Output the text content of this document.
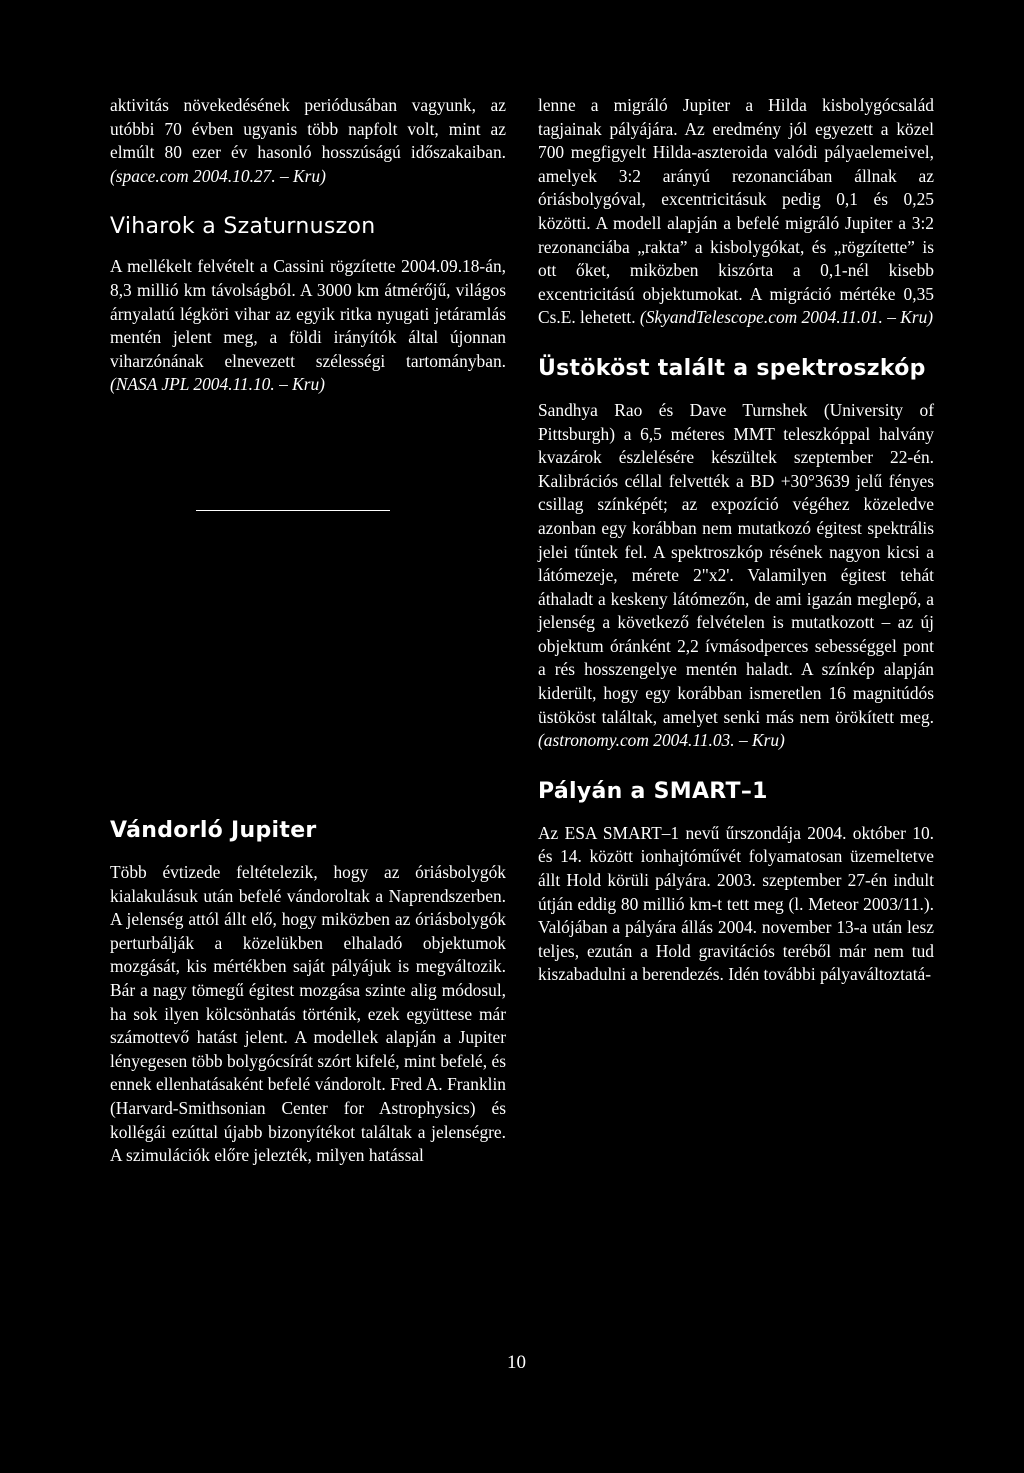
aktivitás növekedésének periódusában vagyunk, az utóbbi 70 évben ugyanis több napfolt volt, mint az elmúlt 80 ezer év hasonló hosszúságú időszakaiban. (space.com 2004.10.27. – Kru)

Viharok a Szaturnuszon

A mellékelt felvételt a Cassini rögzítette 2004.09.18-án, 8,3 millió km távolságból. A 3000 km átmérőjű, világos árnyalatú légköri vihar az egyik ritka nyugati jetáramlás mentén jelent meg, a földi irányítók által újonnan viharzónának elnevezett szélességi tartományban. (NASA JPL 2004.11.10. – Kru)

Vándorló Jupiter

Több évtizede feltételezik, hogy az óriásbolygók kialakulásuk után befelé vándoroltak a Naprendszerben. A jelenség attól állt elő, hogy miközben az óriásbolygók perturbálják a közelükben elhaladó objektumok mozgását, kis mértékben saját pályájuk is megváltozik. Bár a nagy tömegű égitest mozgása szinte alig módosul, ha sok ilyen kölcsönhatás történik, ezek együttese már számottevő hatást jelent. A modellek alapján a Jupiter lényegesen több bolygócsírát szórt kifelé, mint befelé, és ennek ellenhatásaként befelé vándorolt. Fred A. Franklin (Harvard-Smithsonian Center for Astrophysics) és kollégái ezúttal újabb bizonyítékot találtak a jelenségre. A szimulációk előre jelezték, milyen hatással

lenne a migráló Jupiter a Hilda kisbolygócsalád tagjainak pályájára. Az eredmény jól egyezett a közel 700 megfigyelt Hilda-aszteroida valódi pályaelemeivel, amelyek 3:2 arányú rezonanciában állnak az óriásbolygóval, excentricitásuk pedig 0,1 és 0,25 közötti. A modell alapján a befelé migráló Jupiter a 3:2 rezonanciába „rakta” a kisbolygókat, és „rögzítette” is ott őket, miközben kiszórta a 0,1-nél kisebb excentricitású objektumokat. A migráció mértéke 0,35 Cs.E. lehetett. (SkyandTelescope.com 2004.11.01. – Kru)

Üstököst talált a spektroszkóp

Sandhya Rao és Dave Turnshek (University of Pittsburgh) a 6,5 méteres MMT teleszkóppal halvány kvazárok észlelésére készültek szeptember 22-én. Kalibrációs céllal felvették a BD +30°3639 jelű fényes csillag színképét; az expozíció végéhez közeledve azonban egy korábban nem mutatkozó égitest spektrális jelei tűntek fel. A spektroszkóp résének nagyon kicsi a látómezeje, mérete 2"x2'. Valamilyen égitest tehát áthaladt a keskeny látómezőn, de ami igazán meglepő, a jelenség a következő felvételen is mutatkozott – az új objektum óránként 2,2 ívmásodperces sebességgel pont a rés hosszengelye mentén haladt. A színkép alapján kiderült, hogy egy korábban ismeretlen 16 magnitúdós üstököst találtak, amelyet senki más nem örökített meg. (astronomy.com 2004.11.03. – Kru)

Pályán a SMART–1

Az ESA SMART–1 nevű űrszondája 2004. október 10. és 14. között ionhajtóművét folyamatosan üzemeltetve állt Hold körüli pályára. 2003. szeptember 27-én indult útján eddig 80 millió km-t tett meg (l. Meteor 2003/11.). Valójában a pályára állás 2004. november 13-a után lesz teljes, ezután a Hold gravitációs teréből már nem tud kiszabadulni a berendezés. Idén további pályaváltoztatá-

10
